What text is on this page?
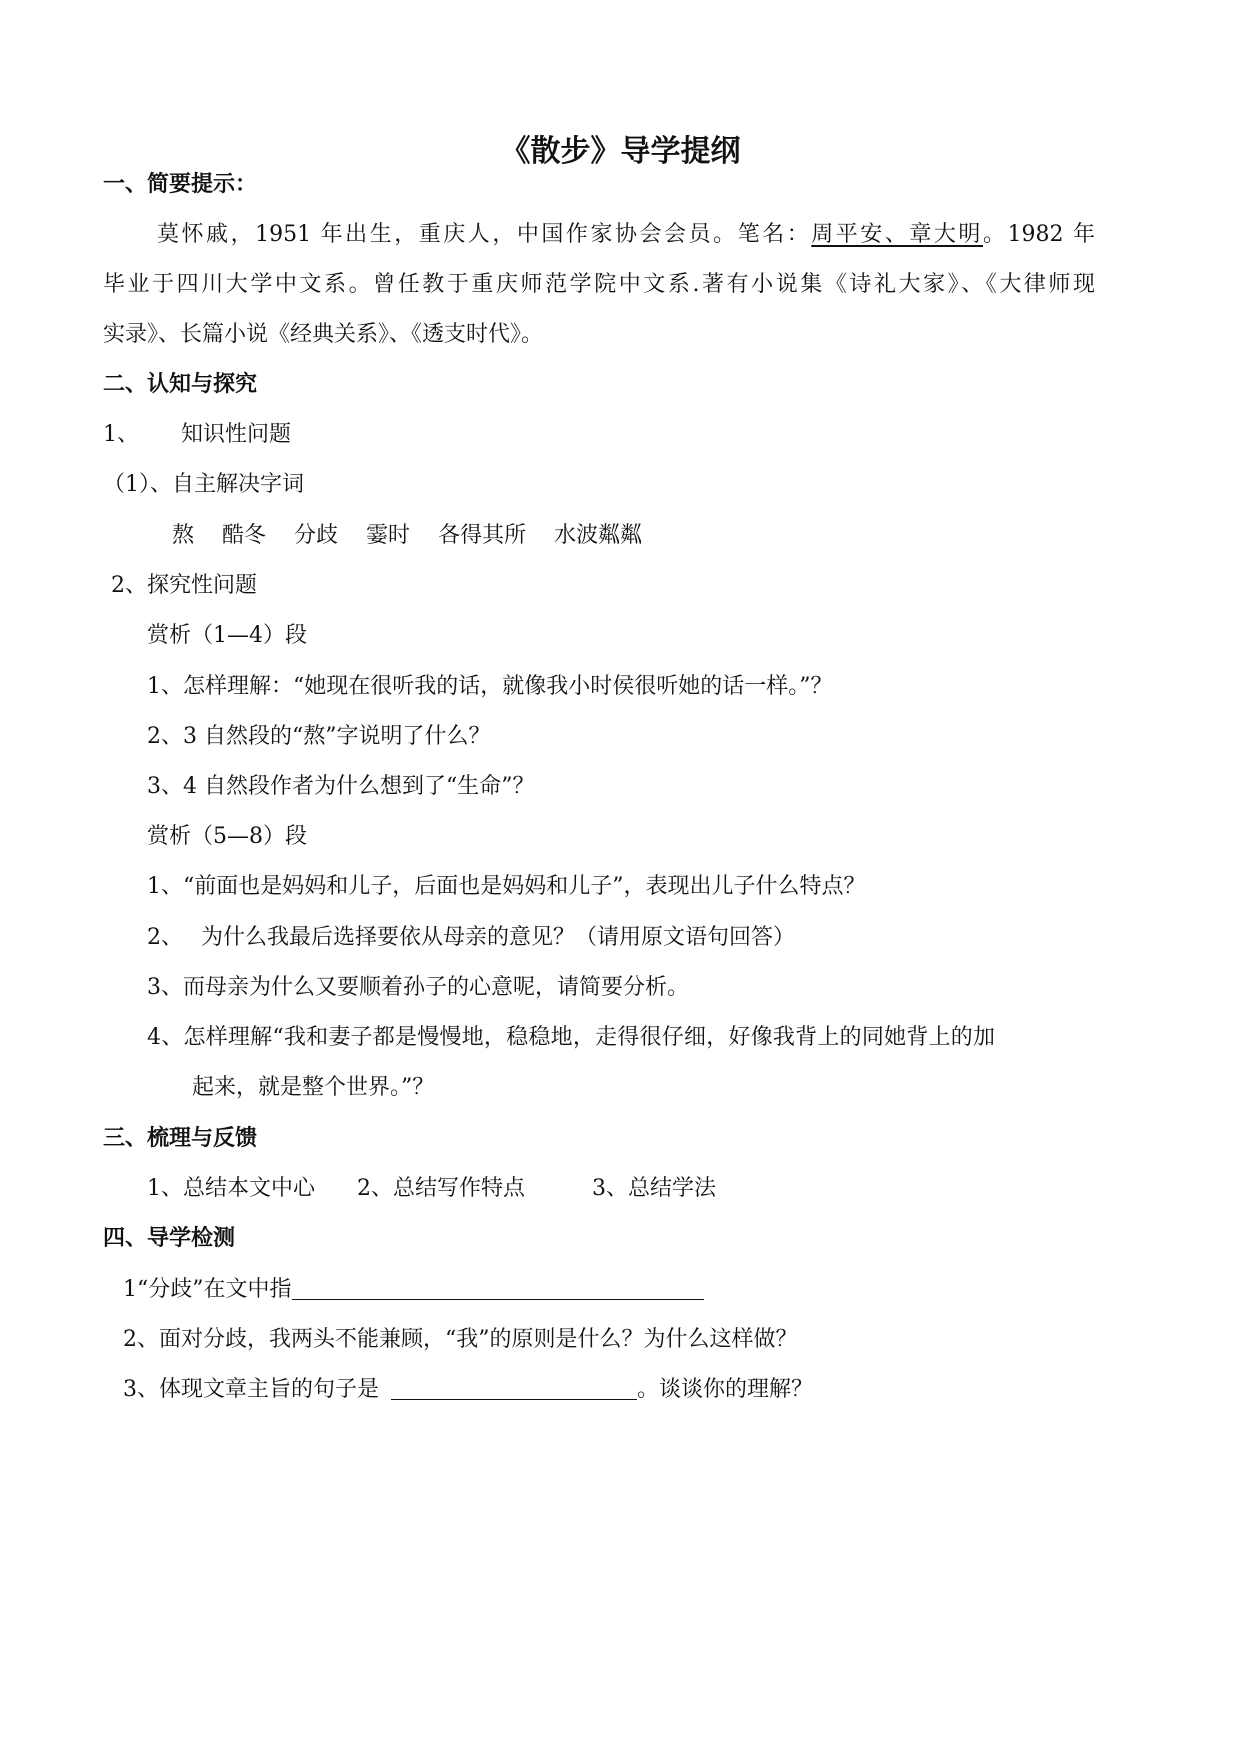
《散步》导学提纲
一、简要提示：
莫怀戚，1951 年出生，重庆人，中国作家协会会员。笔名：周平安、章大明。1982 年
毕业于四川大学中文系。曾任教于重庆师范学院中文系.著有小说集《诗礼大家》、《大律师现
实录》、长篇小说《经典关系》、《透支时代》。
二、认知与探究
1、 知识性问题
（1）、自主解决字词
熬 酷冬 分歧 霎时 各得其所 水波粼粼
2、探究性问题
赏析（1—4）段
1、怎样理解：“她现在很听我的话，就像我小时侯很听她的话一样。”？
2、3 自然段的“熬”字说明了什么？
3、4 自然段作者为什么想到了“生命”？
赏析（5—8）段
1、“前面也是妈妈和儿子，后面也是妈妈和儿子”，表现出儿子什么特点？
2、 为什么我最后选择要依从母亲的意见？（请用原文语句回答）
3、而母亲为什么又要顺着孙子的心意呢，请简要分析。
4、怎样理解“我和妻子都是慢慢地，稳稳地，走得很仔细，好像我背上的同她背上的加
起来，就是整个世界。”？
三、梳理与反馈
1、总结本文中心 2、总结写作特点	3、总结学法
四、导学检测
1“分歧”在文中指
2、面对分歧，我两头不能兼顾，“我”的原则是什么？为什么这样做？
3、体现文章主旨的句子是	。谈谈你的理解？
